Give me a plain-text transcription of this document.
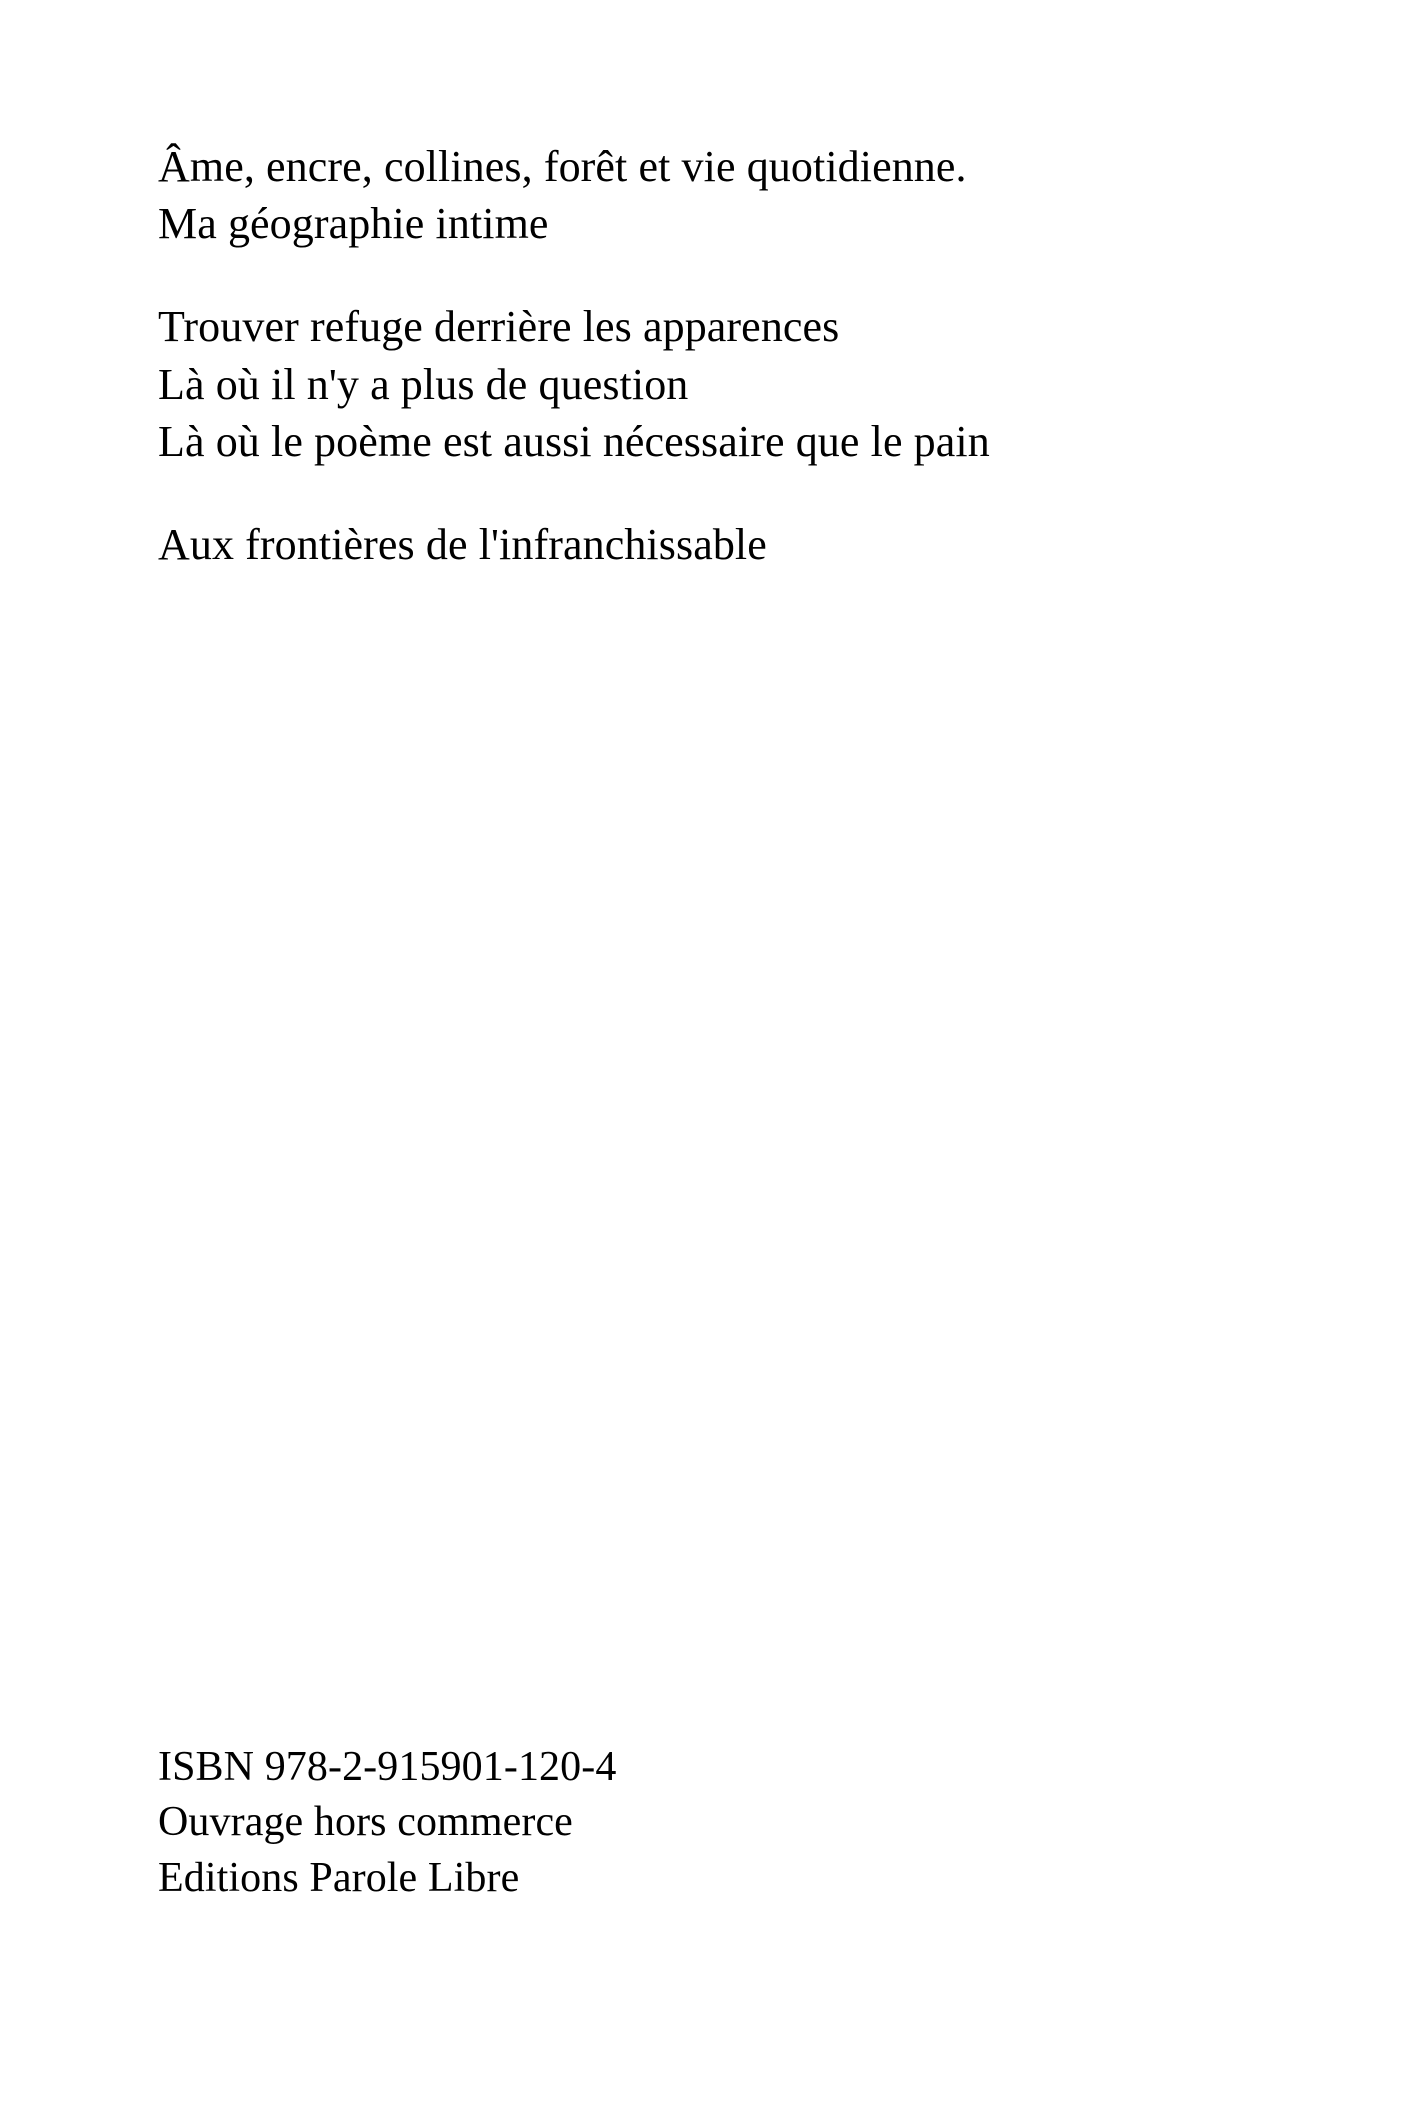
Âme, encre, collines, forêt et vie quotidienne.
Ma géographie intime
Trouver refuge derrière les apparences
Là où il n'y a plus de question
Là où le poème est aussi nécessaire que le pain
Aux frontières de l'infranchissable
ISBN 978-2-915901-120-4
Ouvrage hors commerce
Editions Parole Libre
